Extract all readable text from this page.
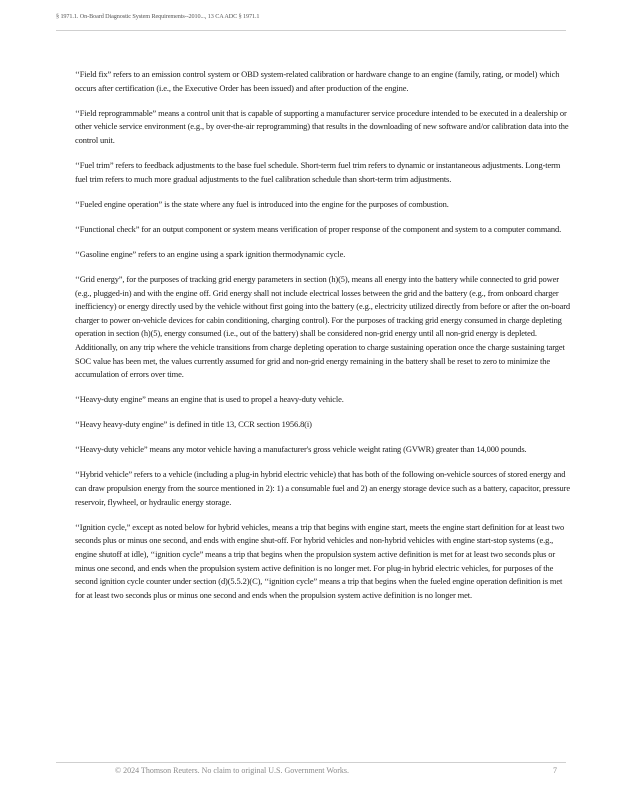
§ 1971.1. On-Board Diagnostic System Requirements--2010..., 13 CA ADC § 1971.1

‘‘Field fix” refers to an emission control system or OBD system-related calibration or hardware change to an engine (family, rating, or model) which occurs after certification (i.e., the Executive Order has been issued) and after production of the engine.

‘‘Field reprogrammable” means a control unit that is capable of supporting a manufacturer service procedure intended to be executed in a dealership or other vehicle service environment (e.g., by over-the-air reprogramming) that results in the downloading of new software and/or calibration data into the control unit.

‘‘Fuel trim” refers to feedback adjustments to the base fuel schedule. Short-term fuel trim refers to dynamic or instantaneous adjustments. Long-term fuel trim refers to much more gradual adjustments to the fuel calibration schedule than short-term trim adjustments.

‘‘Fueled engine operation” is the state where any fuel is introduced into the engine for the purposes of combustion.

‘‘Functional check” for an output component or system means verification of proper response of the component and system to a computer command.

‘‘Gasoline engine” refers to an engine using a spark ignition thermodynamic cycle.

‘‘Grid energy”, for the purposes of tracking grid energy parameters in section (h)(5), means all energy into the battery while connected to grid power (e.g., plugged-in) and with the engine off. Grid energy shall not include electrical losses between the grid and the battery (e.g., from onboard charger inefficiency) or energy directly used by the vehicle without first going into the battery (e.g., electricity utilized directly from before or after the on-board charger to power on-vehicle devices for cabin conditioning, charging control). For the purposes of tracking grid energy consumed in charge depleting operation in section (h)(5), energy consumed (i.e., out of the battery) shall be considered non-grid energy until all non-grid energy is depleted. Additionally, on any trip where the vehicle transitions from charge depleting operation to charge sustaining operation once the charge sustaining target SOC value has been met, the values currently assumed for grid and non-grid energy remaining in the battery shall be reset to zero to minimize the accumulation of errors over time.

‘‘Heavy-duty engine” means an engine that is used to propel a heavy-duty vehicle.

‘‘Heavy heavy-duty engine” is defined in title 13, CCR section 1956.8(i)

‘‘Heavy-duty vehicle” means any motor vehicle having a manufacturer's gross vehicle weight rating (GVWR) greater than 14,000 pounds.

‘‘Hybrid vehicle” refers to a vehicle (including a plug-in hybrid electric vehicle) that has both of the following on-vehicle sources of stored energy and can draw propulsion energy from the source mentioned in 2): 1) a consumable fuel and 2) an energy storage device such as a battery, capacitor, pressure reservoir, flywheel, or hydraulic energy storage.

‘‘Ignition cycle,” except as noted below for hybrid vehicles, means a trip that begins with engine start, meets the engine start definition for at least two seconds plus or minus one second, and ends with engine shut-off. For hybrid vehicles and non-hybrid vehicles with engine start-stop systems (e.g., engine shutoff at idle), ‘‘ignition cycle” means a trip that begins when the propulsion system active definition is met for at least two seconds plus or minus one second, and ends when the propulsion system active definition is no longer met. For plug-in hybrid electric vehicles, for purposes of the second ignition cycle counter under section (d)(5.5.2)(C), ‘‘ignition cycle” means a trip that begins when the fueled engine operation definition is met for at least two seconds plus or minus one second and ends when the propulsion system active definition is no longer met.

© 2024 Thomson Reuters. No claim to original U.S. Government Works.	7
